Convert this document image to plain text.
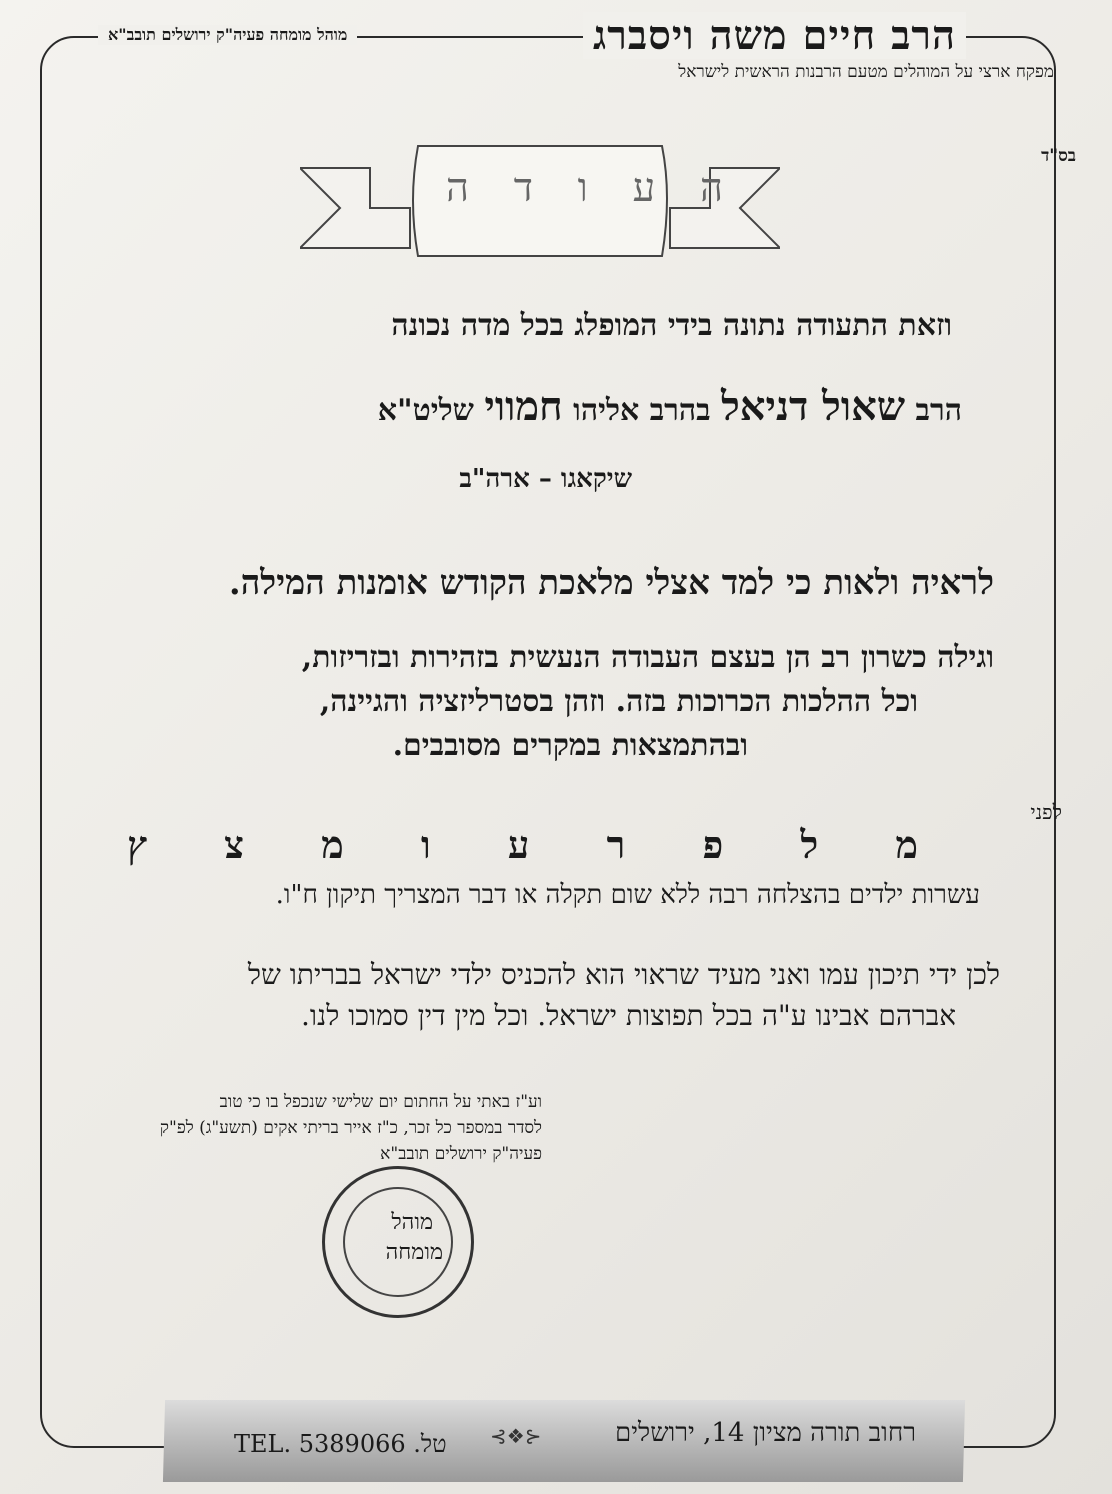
הרב חיים משה ויסברג
מפקח ארצי על המוהלים מטעם הרבנות הראשית לישראל
מוהל מומחה פעיה"ק ירושלים תובב"א
בס"ד
ה ע ו ד ה
וזאת התעודה נתונה בידי המופלג בכל מדה נכונה
הרב שאול דניאל בהרב אליהו חמווי שליט"א
שיקאגו – ארה"ב
לראיה ולאות כי למד אצלי מלאכת הקודש אומנות המילה.
וגילה כשרון רב הן בעצם העבודה הנעשית בזהירות ובזריזות,
וכל ההלכות הכרוכות בזה. וזהן בסטרליזציה והגיינה,
ובהתמצאות במקרים מסובבים.
לפני
מ ל פ ר ע ו מ צ ץ
עשרות ילדים בהצלחה רבה ללא שום תקלה או דבר המצריך תיקון ח"ו.
לכן ידי תיכון עמו ואני מעיד שראוי הוא להכניס ילדי ישראל בבריתו של
אברהם אבינו ע"ה בכל תפוצות ישראל. וכל מין דין סמוכו לנו.
וע"ז באתי על החתום יום שלישי שנכפל בו כי טוב
לסדר במספר כל זכר, כ"ז אייר בריתי אקים (תשע"ג) לפ"ק
פעיה"ק ירושלים תובב"א
מוהל
מומחה
רחוב תורה מציון 14, ירושלים
⊰❖⊱
TEL. 5389066 טל.
